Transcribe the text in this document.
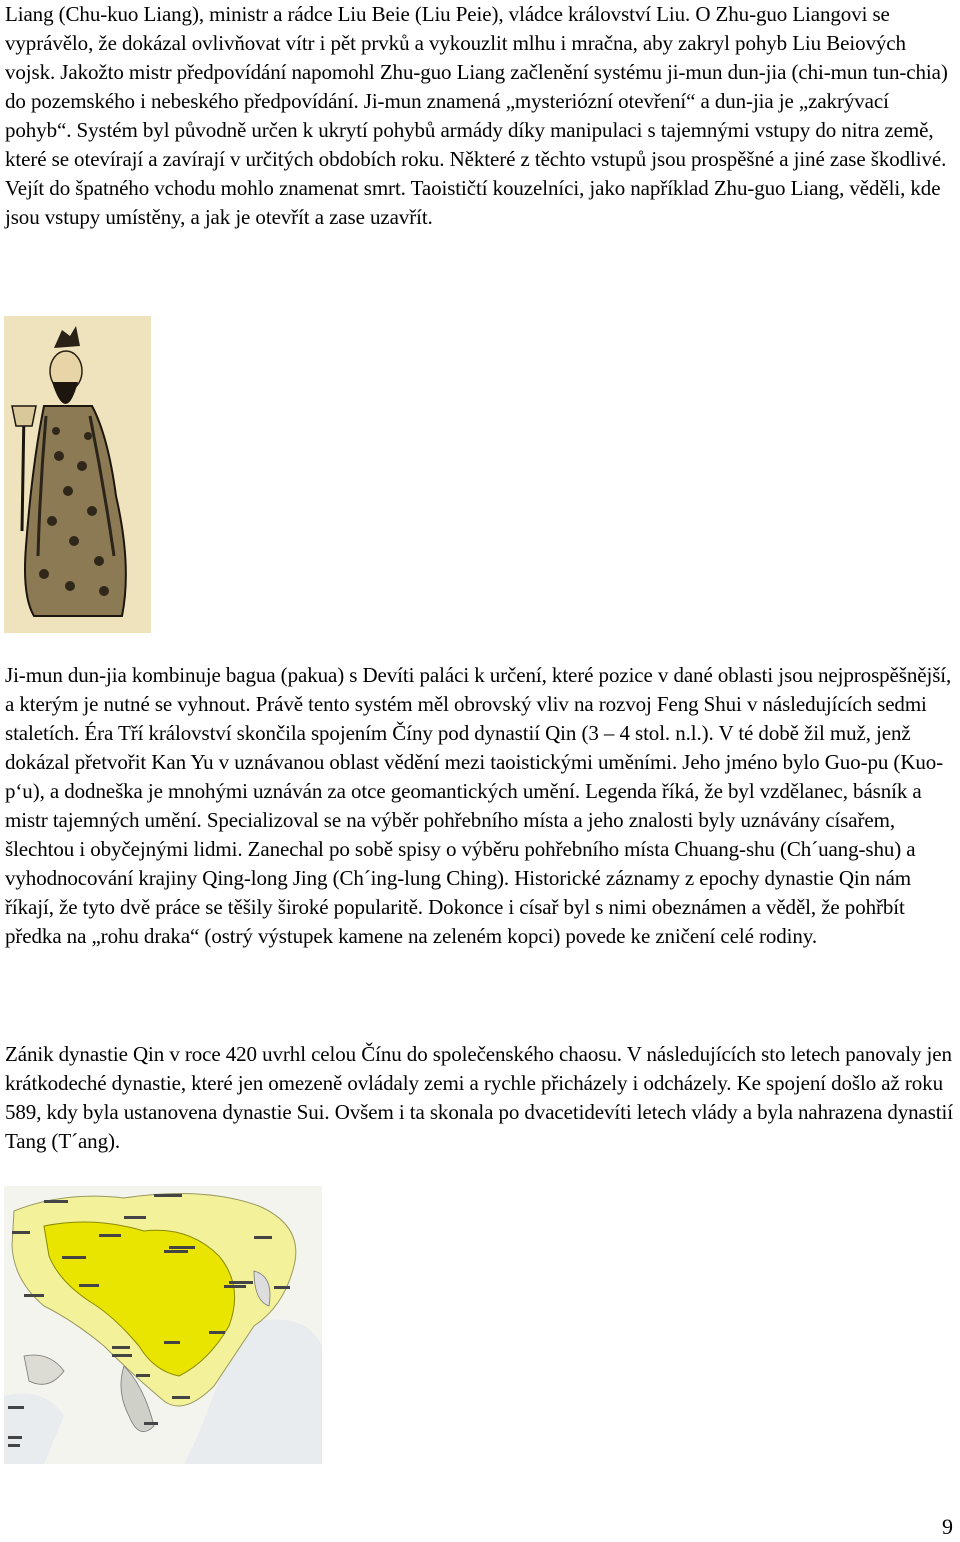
Liang (Chu-kuo Liang), ministr a rádce Liu Beie (Liu Peie), vládce království Liu. O Zhu-guo Liangovi se vyprávělo, že dokázal ovlivňovat vítr i pět prvků a vykouzlit mlhu i mračna, aby zakryl pohyb Liu Beiových vojsk. Jakožto mistr předpovídání napomohl Zhu-guo Liang začlenění systému ji-mun dun-jia (chi-mun tun-chia) do pozemského i nebeského předpovídání. Ji-mun znamená „mysteriózní otevření“ a dun-jia je „zakrývací pohyb“. Systém byl původně určen k ukrytí pohybů armády díky manipulaci s tajemnými vstupy do nitra země, které se otevírají a zavírají v určitých obdobích roku. Některé z těchto vstupů jsou prospěšné a jiné zase škodlivé. Vejít do špatného vchodu mohlo znamenat smrt. Taoističtí kouzelníci, jako například Zhu-guo Liang, věděli, kde jsou vstupy umístěny, a jak je otevřít a zase uzavřít.

Ji-mun dun-jia kombinuje bagua (pakua) s Devíti paláci k určení, které pozice v dané oblasti jsou nejprospěšnější, a kterým je nutné se vyhnout. Právě tento systém měl obrovský vliv na rozvoj Feng Shui v následujících sedmi staletích. Éra Tří království skončila spojením Číny pod dynastií Qin (3 – 4 stol. n.l.). V té době žil muž, jenž dokázal přetvořit Kan Yu v uznávanou oblast vědění mezi taoistickými uměními. Jeho jméno bylo Guo-pu (Kuo-p‘u), a dodneška je mnohými uznáván za otce geomantických umění. Legenda říká, že byl vzdělanec, básník a mistr tajemných umění. Specializoval se na výběr pohřebního místa a jeho znalosti byly uznávány císařem, šlechtou i obyčejnými lidmi. Zanechal po sobě spisy o výběru pohřebního místa Chuang-shu (Ch´uang-shu) a vyhodnocování krajiny Qing-long Jing (Ch´ing-lung Ching). Historické záznamy z epochy dynastie Qin nám říkají, že tyto dvě práce se těšily široké popularitě. Dokonce i císař byl s nimi obeznámen a věděl, že pohřbít předka na „rohu draka“ (ostrý výstupek kamene na zeleném kopci) povede ke zničení celé rodiny.

Zánik dynastie Qin v roce 420 uvrhl celou Čínu do společenského chaosu. V následujících sto letech panovaly jen krátkodeché dynastie, které jen omezeně ovládaly zemi a rychle přicházely i odcházely. Ke spojení došlo až roku 589, kdy byla ustanovena dynastie Sui. Ovšem i ta skonala po dvacetidevíti letech vlády a byla nahrazena dynastií Tang (T´ang).

9
